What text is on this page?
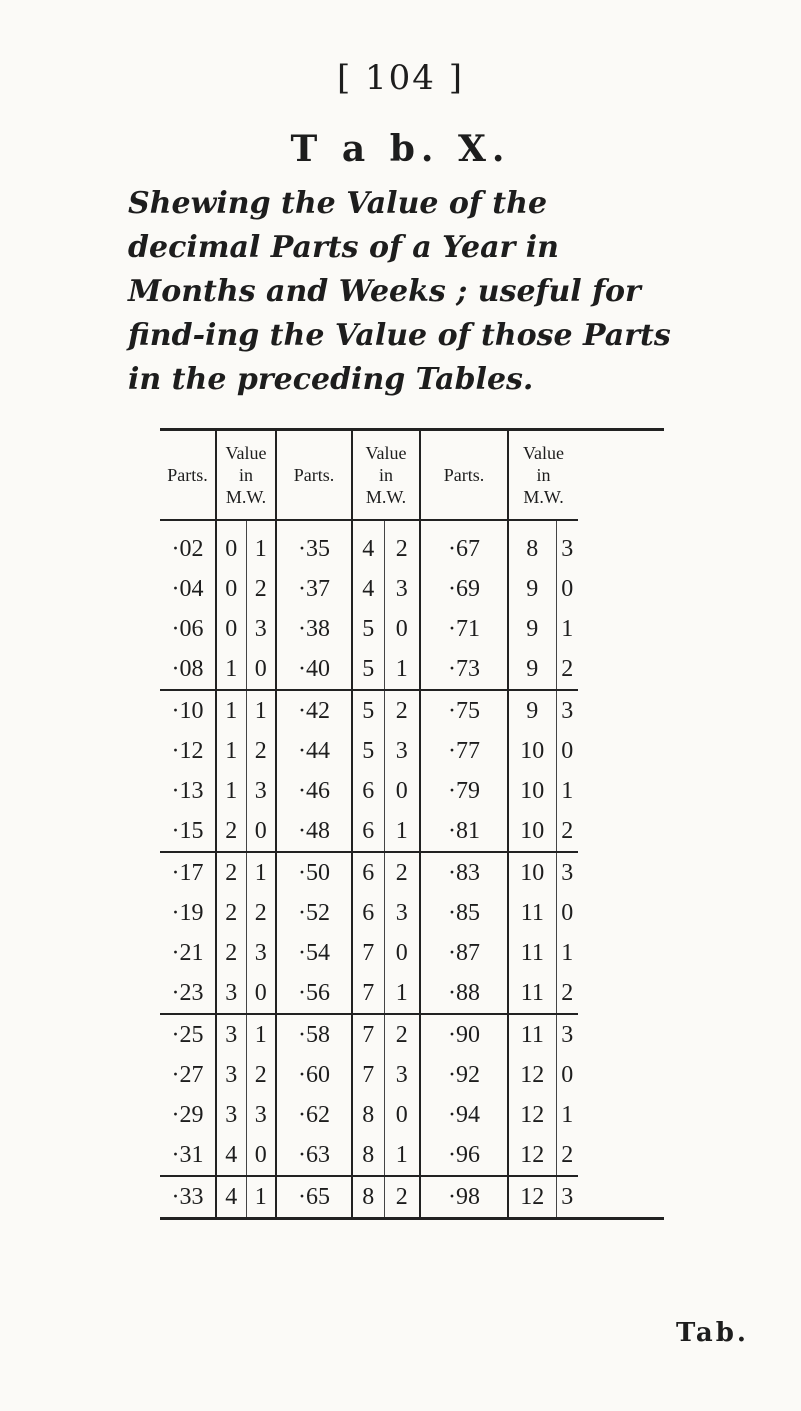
[ 104 ]
T a b. X.

Shewing the Value of the decimal Parts of a Year in Months and Weeks ; useful for find-ing the Value of those Parts in the preceding Tables.

Parts.	Value
in
M.W.		Parts.	Value
in
M.W.		Parts.	Value
in
M.W.		
·02	0	1	·35	4	2	·67	8	3	
·04	0	2	·37	4	3	·69	9	0	
·06	0	3	·38	5	0	·71	9	1	
·08	1	0	·40	5	1	·73	9	2	
·10	1	1	·42	5	2	·75	9	3	
·12	1	2	·44	5	3	·77	10	0	
·13	1	3	·46	6	0	·79	10	1	
·15	2	0	·48	6	1	·81	10	2	
·17	2	1	·50	6	2	·83	10	3	
·19	2	2	·52	6	3	·85	11	0	
·21	2	3	·54	7	0	·87	11	1	
·23	3	0	·56	7	1	·88	11	2	
·25	3	1	·58	7	2	·90	11	3	
·27	3	2	·60	7	3	·92	12	0	
·29	3	3	·62	8	0	·94	12	1	
·31	4	0	·63	8	1	·96	12	2	
·33	4	1	·65	8	2	·98	12	3	
Tab.
